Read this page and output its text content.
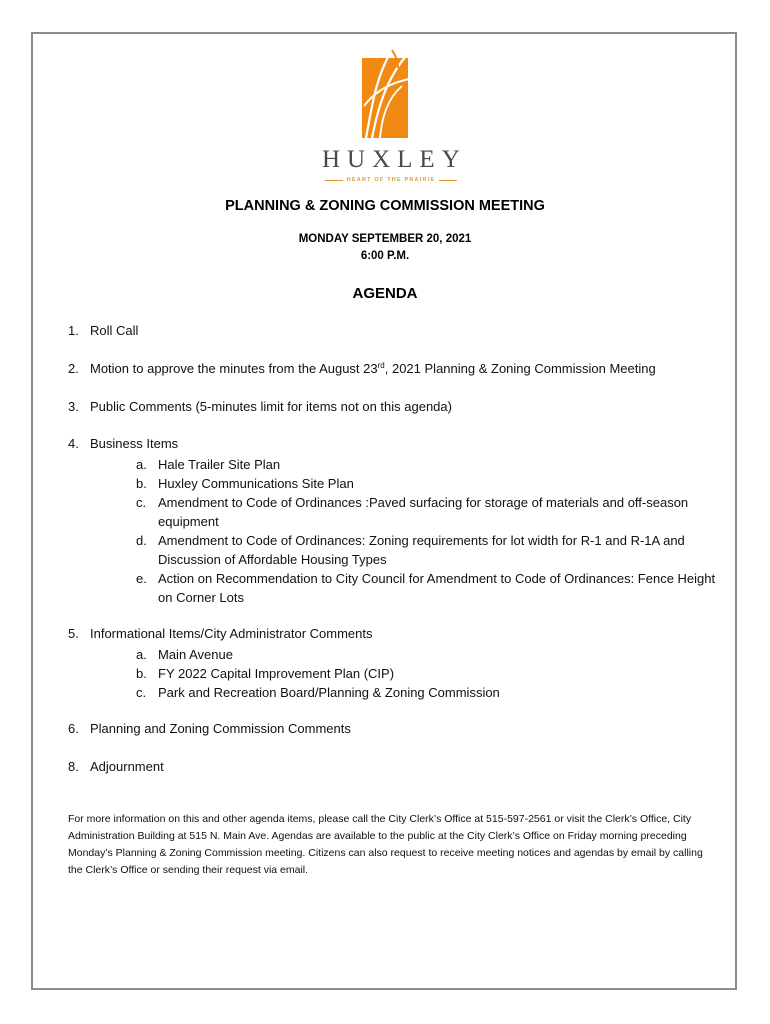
HUXLEY
HEART OF THE PRAIRIE
PLANNING & ZONING COMMISSION MEETING
MONDAY SEPTEMBER 20, 2021
6:00 P.M.
AGENDA
1. Roll Call
2. Motion to approve the minutes from the August 23rd, 2021 Planning & Zoning Commission Meeting
3. Public Comments (5-minutes limit for items not on this agenda)
4. Business Items
a. Hale Trailer Site Plan
b. Huxley Communications Site Plan
c. Amendment to Code of Ordinances :Paved surfacing for storage of materials and off-season equipment
d. Amendment to Code of Ordinances: Zoning requirements for lot width for R-1 and R-1A and Discussion of Affordable Housing Types
e. Action on Recommendation to City Council for Amendment to Code of Ordinances: Fence Height on Corner Lots
5. Informational Items/City Administrator Comments
a. Main Avenue
b. FY 2022 Capital Improvement Plan (CIP)
c. Park and Recreation Board/Planning & Zoning Commission
6. Planning and Zoning Commission Comments
8. Adjournment
For more information on this and other agenda items, please call the City Clerk’s Office at 515-597-2561 or visit the Clerk’s Office, City Administration Building at 515 N. Main Ave. Agendas are available to the public at the City Clerk’s Office on Friday morning preceding Monday’s Planning & Zoning Commission meeting. Citizens can also request to receive meeting notices and agendas by email by calling the Clerk’s Office or sending their request via email.
